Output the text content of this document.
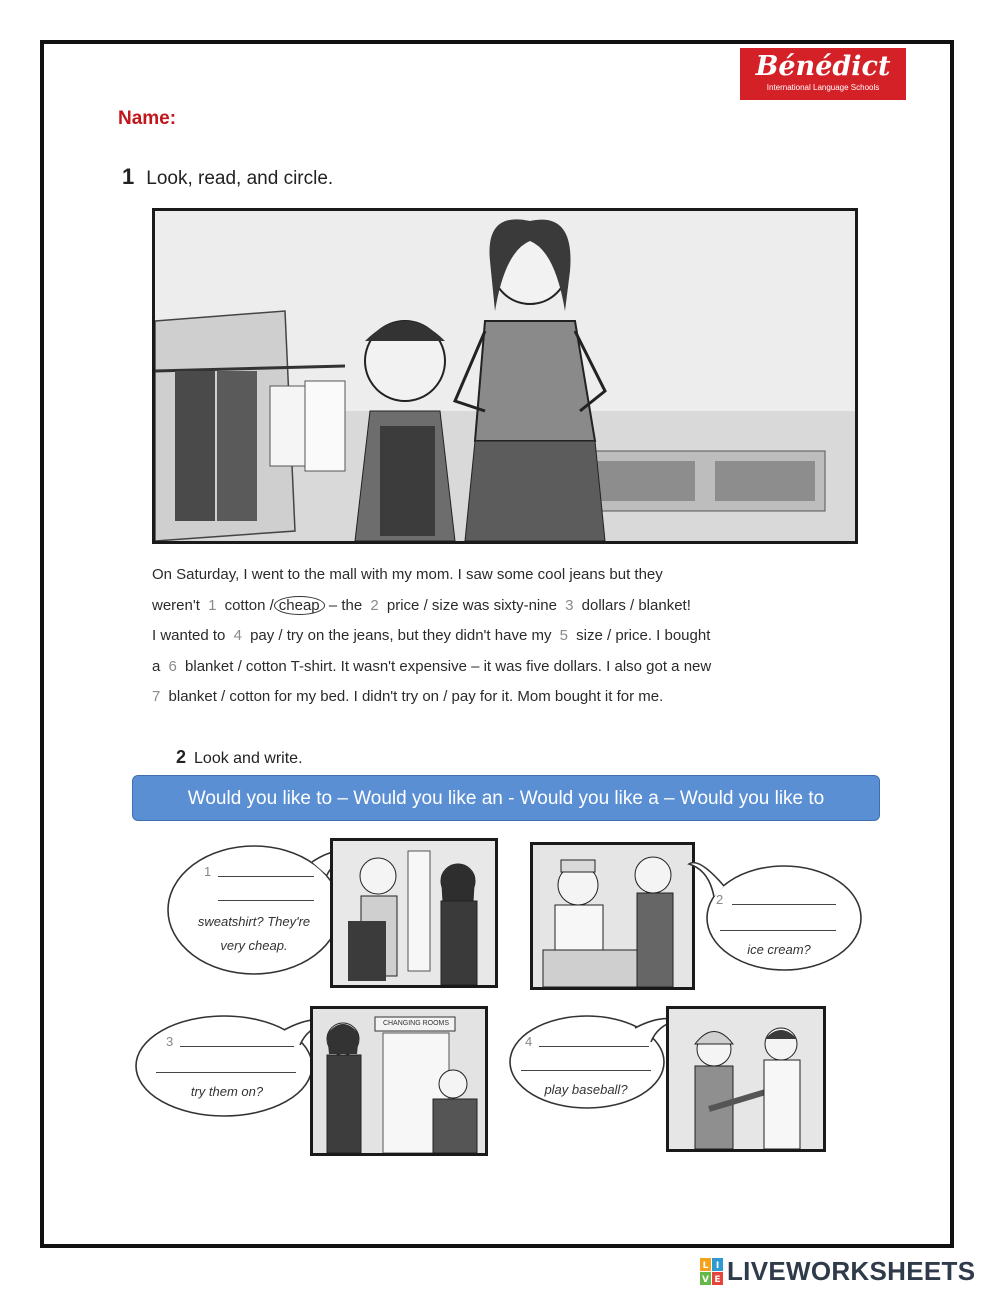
Bénédict
International Language Schools
Name:
1 Look, read, and circle.
On Saturday, I went to the mall with my mom. I saw some cool jeans but they
weren't 1 cotton / cheap – the 2 price / size was sixty-nine 3 dollars / blanket!
I wanted to 4 pay / try on the jeans, but they didn't have my 5 size / price. I bought
a 6 blanket / cotton T-shirt. It wasn't expensive – it was five dollars. I also got a new
7 blanket / cotton for my bed. I didn't try on / pay for it. Mom bought it for me.
2 Look and write.
Would you like to – Would you like an - Would you like a – Would you like to
1
sweatshirt? They're
very cheap.
2
ice cream?
3
try them on?
CHANGING ROOMS
4
play baseball?
L I
V E LIVEWORKSHEETS
